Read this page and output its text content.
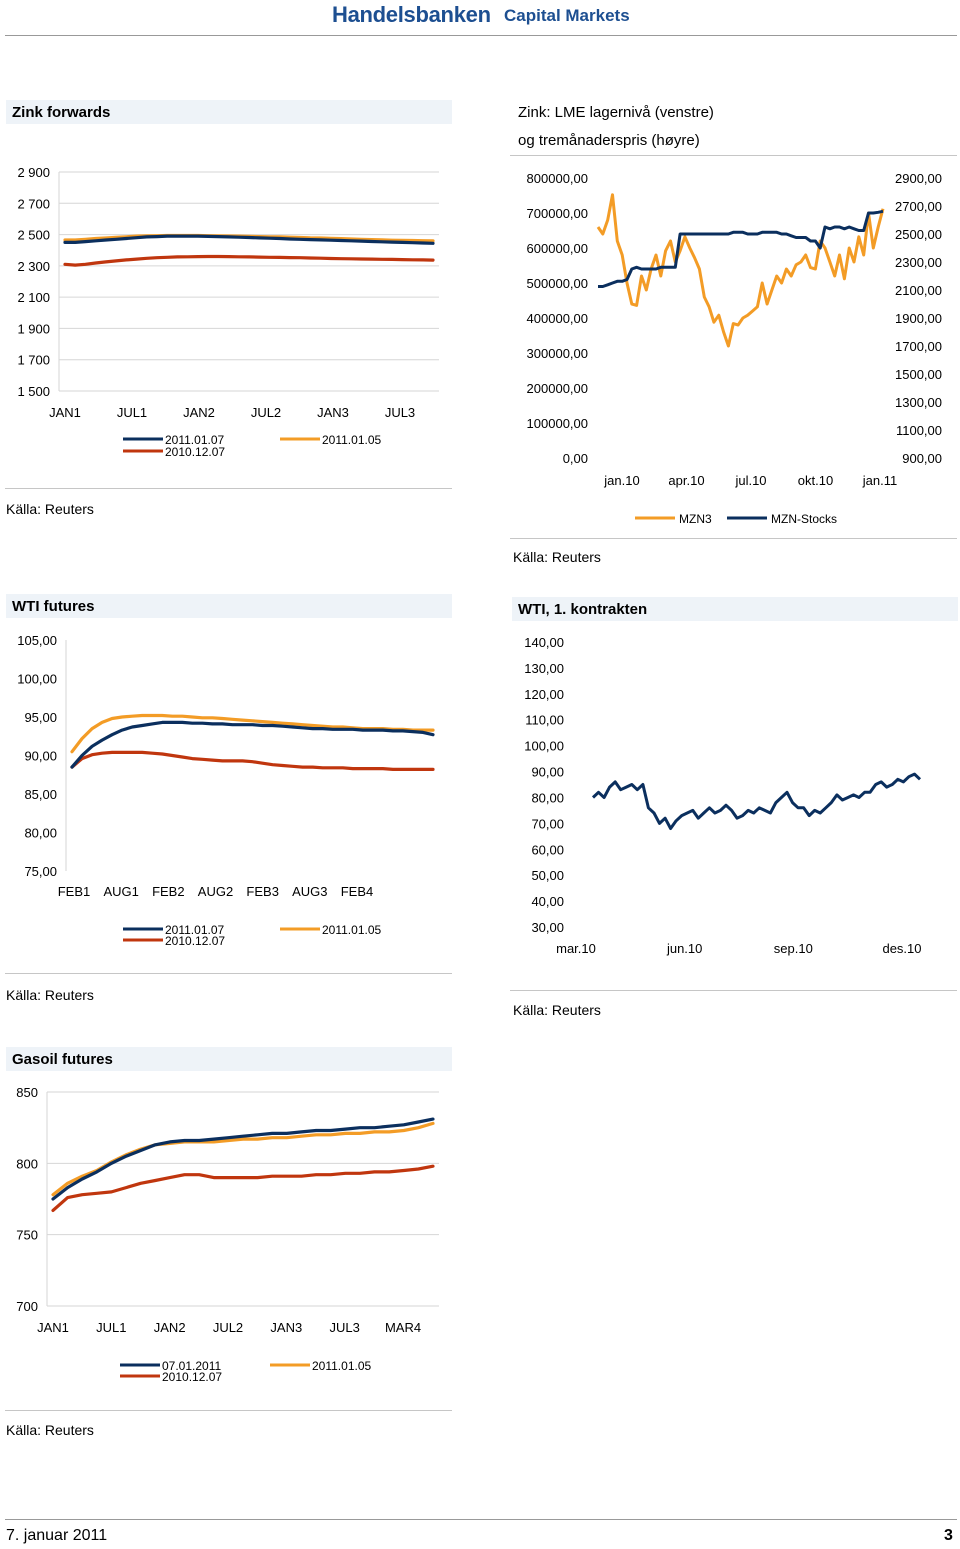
Handelsbanken Capital Markets
Zink forwards
2 900
2 700
2 500
2 300
2 100
1 900
1 700
1 500
JAN1	JUL1	JAN2	JUL2	JAN3	JUL3
2011.01.07	2011.01.05
2010.12.07
Källa: Reuters
Zink: LME lagernivå (venstre)
og tremånaderspris (høyre)
800000,00
700000,00
600000,00
500000,00
400000,00
300000,00
200000,00
100000,00
0,00
2900,00
2700,00
2500,00
2300,00
2100,00
1900,00
1700,00
1500,00
1300,00
1100,00
900,00
jan.10 apr.10 jul.10 okt.10 jan.11
MZN3	MZN-Stocks
Källa: Reuters
WTI futures
105,00
100,00
95,00
90,00
85,00
80,00
75,00
FEB1 AUG1 FEB2 AUG2 FEB3 AUG3 FEB4
2011.01.07	2011.01.05
2010.12.07
Källa: Reuters
WTI, 1. kontrakten
140,00
130,00
120,00
110,00
100,00
90,00
80,00
70,00
60,00
50,00
40,00
30,00
mar.10	jun.10	sep.10	des.10
Källa: Reuters
Gasoil futures
850
800
750
700
JAN1 JUL1 JAN2 JUL2 JAN3 JUL3 MAR4
07.01.2011	2011.01.05
2010.12.07
Källa: Reuters
7. januar 2011	3
